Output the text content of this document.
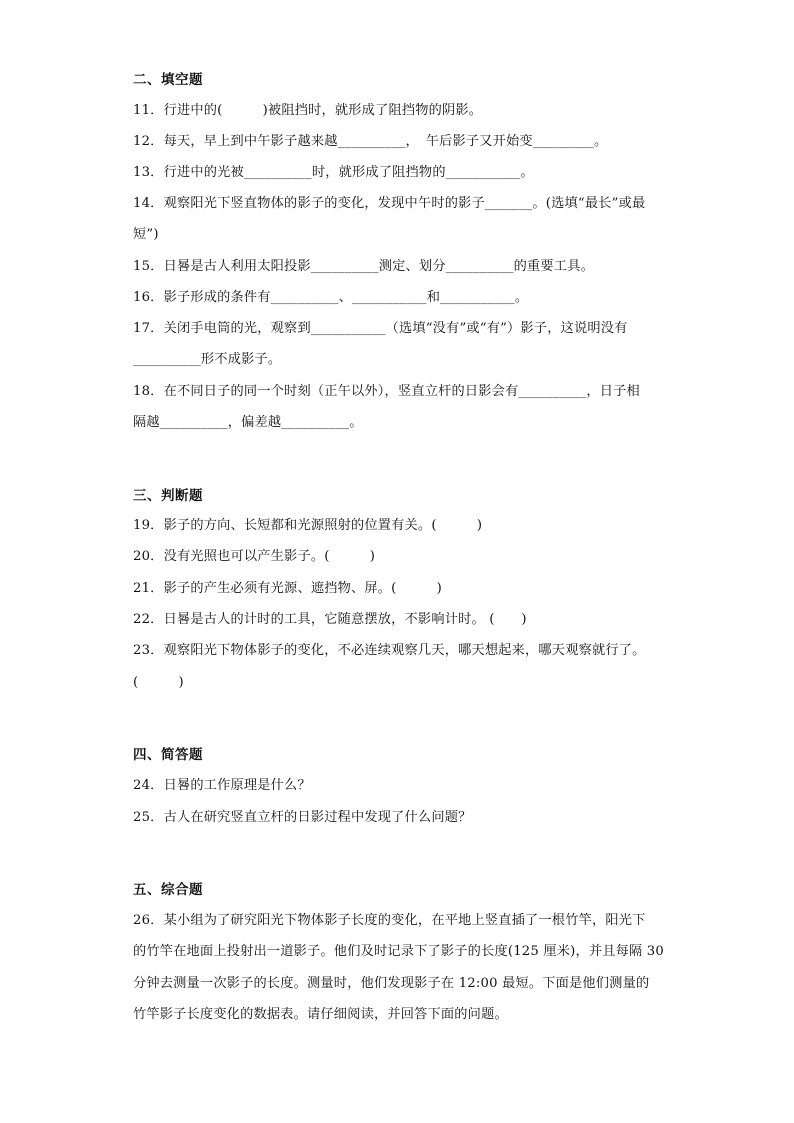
二、填空题
11．行进中的(　　　)被阻挡时，就形成了阻挡物的阴影。
12．每天，早上到中午影子越来越__________，　午后影子又开始变_________。
13．行进中的光被__________时，就形成了阻挡物的___________。
14．观察阳光下竖直物体的影子的变化，发现中午时的影子_______。(选填“最长”或最
短”)
15．日晷是古人利用太阳投影__________测定、划分__________的重要工具。
16．影子形成的条件有__________、___________和___________。
17．关闭手电筒的光，观察到___________（选填“没有”或“有”）影子，这说明没有
__________形不成影子。
18．在不同日子的同一个时刻（正午以外），竖直立杆的日影会有__________，日子相
隔越__________，偏差越__________。
三、判断题
19．影子的方向、长短都和光源照射的位置有关。(　　　)
20．没有光照也可以产生影子。(　　　)
21．影子的产生必须有光源、遮挡物、屏。(　　　)
22．日晷是古人的计时的工具，它随意摆放，不影响计时。 (　　)
23．观察阳光下物体影子的变化，不必连续观察几天，哪天想起来，哪天观察就行了。
(　　　)
四、简答题
24．日晷的工作原理是什么？
25．古人在研究竖直立杆的日影过程中发现了什么问题？
五、综合题
26．某小组为了研究阳光下物体影子长度的变化，在平地上竖直插了一根竹竿，阳光下
的竹竿在地面上投射出一道影子。他们及时记录下了影子的长度(125 厘米)，并且每隔 30
分钟去测量一次影子的长度。测量时，他们发现影子在 12:00 最短。下面是他们测量的
竹竿影子长度变化的数据表。请仔细阅读，并回答下面的问题。
